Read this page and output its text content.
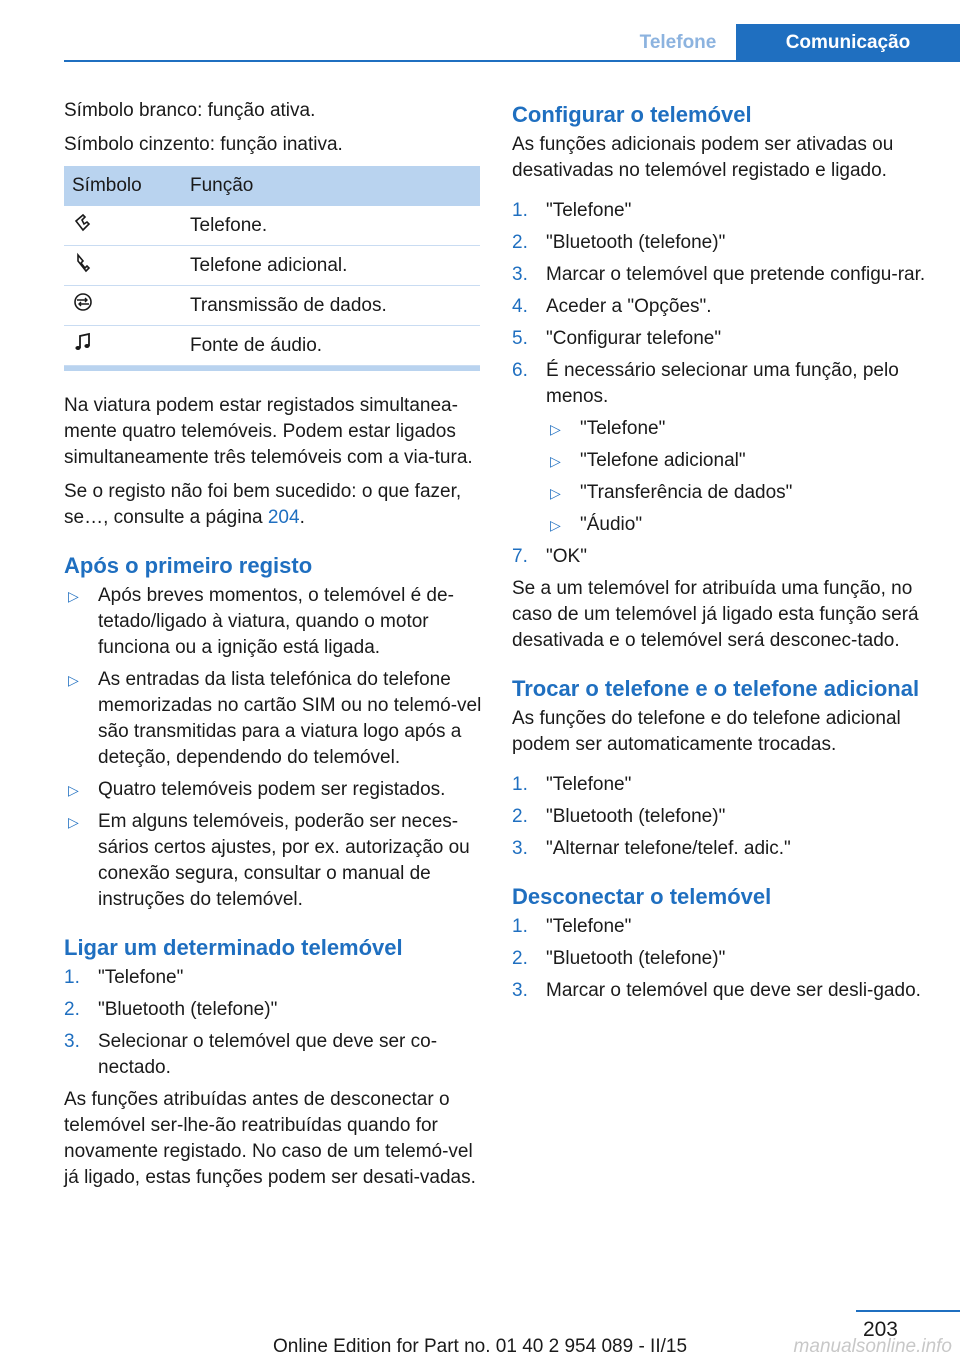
Telefone	Comunicação

Símbolo branco: função ativa.

Símbolo cinzento: função inativa.

Símbolo	Função
	Telefone.
	Telefone adicional.
	Transmissão de dados.
	Fonte de áudio.

Na viatura podem estar registados simultanea-mente quatro telemóveis. Podem estar ligados simultaneamente três telemóveis com a via-tura.

Se o registo não foi bem sucedido: o que fazer, se…, consulte a página 204.

Após o primeiro registo
▷ Após breves momentos, o telemóvel é de-tetado/ligado à viatura, quando o motor funciona ou a ignição está ligada.
▷ As entradas da lista telefónica do telefone memorizadas no cartão SIM ou no telemó-vel são transmitidas para a viatura logo após a deteção, dependendo do telemóvel.
▷ Quatro telemóveis podem ser registados.
▷ Em alguns telemóveis, poderão ser neces-sários certos ajustes, por ex. autorização ou conexão segura, consultar o manual de instruções do telemóvel.
Ligar um determinado telemóvel
1. "Telefone"
2. "Bluetooth (telefone)"
3. Selecionar o telemóvel que deve ser co-nectado.

As funções atribuídas antes de desconectar o telemóvel ser-lhe-ão reatribuídas quando for novamente registado. No caso de um telemó-vel já ligado, estas funções podem ser desati-vadas.

Configurar o telemóvel

As funções adicionais podem ser ativadas ou desativadas no telemóvel registado e ligado.

1. "Telefone"
2. "Bluetooth (telefone)"
3. Marcar o telemóvel que pretende configu-rar.
4. Aceder a "Opções".
5. "Configurar telefone"
6. É necessário selecionar uma função, pelo menos.
▷ "Telefone"
▷ "Telefone adicional"
▷ "Transferência de dados"
▷ "Áudio"
7. "OK"

Se a um telemóvel for atribuída uma função, no caso de um telemóvel já ligado esta função será desativada e o telemóvel será desconec-tado.

Trocar o telefone e o telefone adicional

As funções do telefone e do telefone adicional podem ser automaticamente trocadas.

1. "Telefone"
2. "Bluetooth (telefone)"
3. "Alternar telefone/telef. adic."
Desconectar o telemóvel
1. "Telefone"
2. "Bluetooth (telefone)"
3. Marcar o telemóvel que deve ser desli-gado.
203
Online Edition for Part no. 01 40 2 954 089 - II/15	manualsonline.info
